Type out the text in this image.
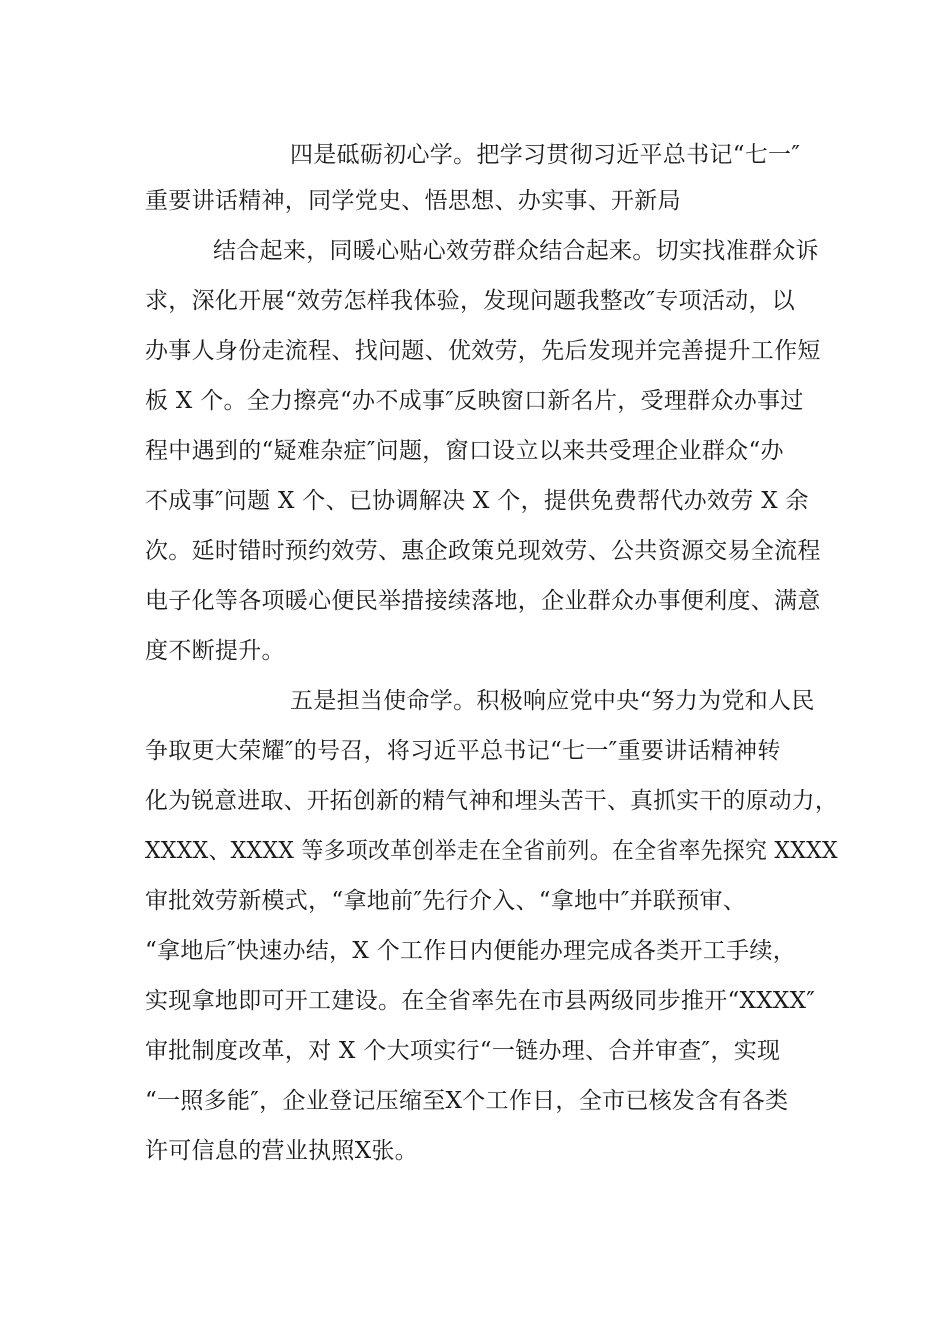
四是砥砺初心学。把学习贯彻习近平总书记“七一″
重要讲话精神，同学党史、悟思想、办实事、开新局
结合起来，同暖心贴心效劳群众结合起来。切实找准群众诉
求，深化开展“效劳怎样我体验，发现问题我整改″专项活动，以
办事人身份走流程、找问题、优效劳，先后发现并完善提升工作短
板 X 个。全力擦亮“办不成事″反映窗口新名片，受理群众办事过
程中遇到的“疑难杂症″问题，窗口设立以来共受理企业群众“办
不成事″问题 X 个、已协调解决 X 个，提供免费帮代办效劳 X 余
次。延时错时预约效劳、惠企政策兑现效劳、公共资源交易全流程
电子化等各项暖心便民举措接续落地，企业群众办事便利度、满意
度不断提升。
五是担当使命学。积极响应党中央“努力为党和人民
争取更大荣耀″的号召，将习近平总书记“七一″重要讲话精神转
化为锐意进取、开拓创新的精气神和埋头苦干、真抓实干的原动力，
XXXX、XXXX 等多项改革创举走在全省前列。在全省率先探究 XXXX
审批效劳新模式，“拿地前″先行介入、“拿地中″并联预审、
“拿地后″快速办结，X 个工作日内便能办理完成各类开工手续，
实现拿地即可开工建设。在全省率先在市县两级同步推开“XXXX″
审批制度改革，对 X 个大项实行“一链办理、合并审查″，实现
“一照多能″，企业登记压缩至X个工作日，全市已核发含有各类
许可信息的营业执照X张。
